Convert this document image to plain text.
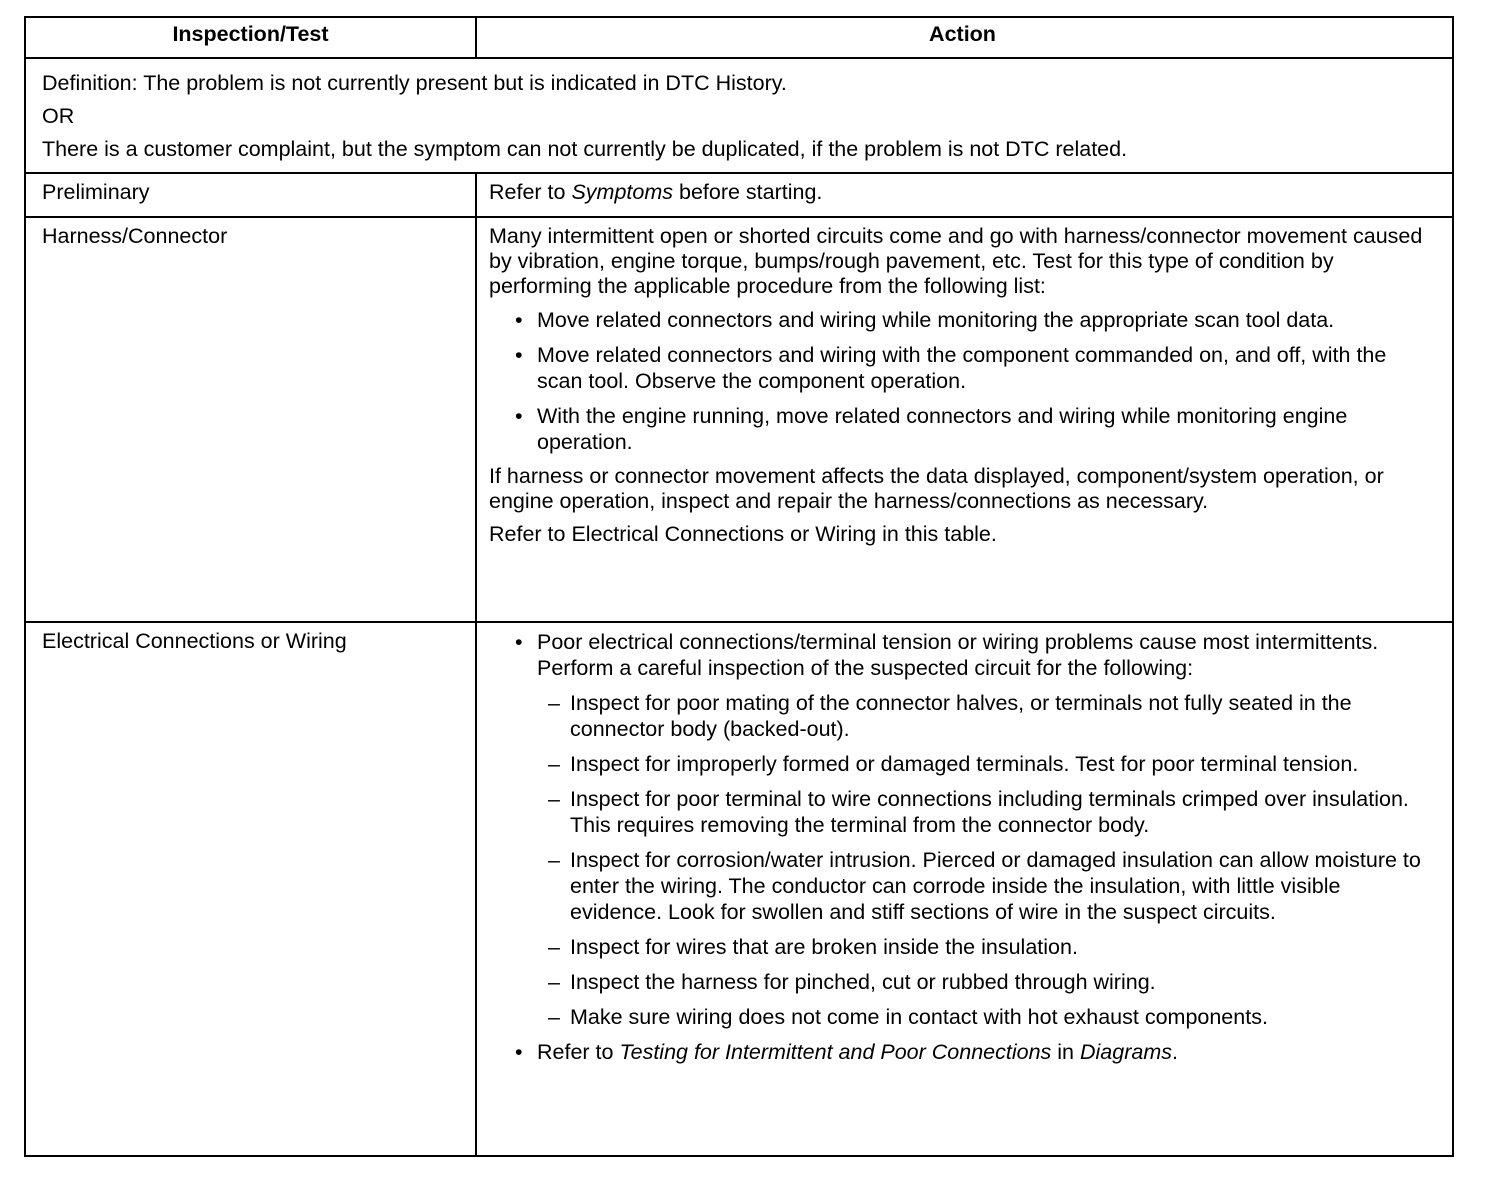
Inspection/Test	Action
Definition: The problem is not currently present but is indicated in DTC History.
OR
There is a customer complaint, but the symptom can not currently be duplicated, if the problem is not DTC related.
Preliminary	Refer to Symptoms before starting.
Harness/Connector	Many intermittent open or shorted circuits come and go with harness/connector movement caused by vibration, engine torque, bumps/rough pavement, etc. Test for this type of condition by performing the applicable procedure from the following list:
• Move related connectors and wiring while monitoring the appropriate scan tool data.
• Move related connectors and wiring with the component commanded on, and off, with the scan tool. Observe the component operation.
• With the engine running, move related connectors and wiring while monitoring engine operation.
If harness or connector movement affects the data displayed, component/system operation, or engine operation, inspect and repair the harness/connections as necessary.
Refer to Electrical Connections or Wiring in this table.
Electrical Connections or Wiring	• Poor electrical connections/terminal tension or wiring problems cause most intermittents. Perform a careful inspection of the suspected circuit for the following:
– Inspect for poor mating of the connector halves, or terminals not fully seated in the connector body (backed-out).
– Inspect for improperly formed or damaged terminals. Test for poor terminal tension.
– Inspect for poor terminal to wire connections including terminals crimped over insulation. This requires removing the terminal from the connector body.
– Inspect for corrosion/water intrusion. Pierced or damaged insulation can allow moisture to enter the wiring. The conductor can corrode inside the insulation, with little visible evidence. Look for swollen and stiff sections of wire in the suspect circuits.
– Inspect for wires that are broken inside the insulation.
– Inspect the harness for pinched, cut or rubbed through wiring.
– Make sure wiring does not come in contact with hot exhaust components.
• Refer to Testing for Intermittent and Poor Connections in Diagrams.
